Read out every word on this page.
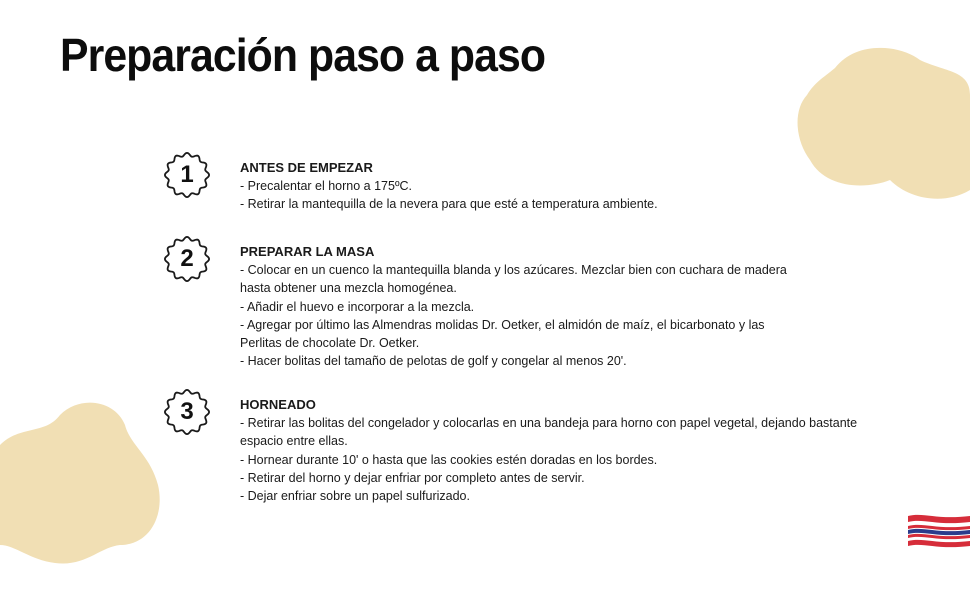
Preparación paso a paso
1	ANTES DE EMPEZAR
- Precalentar el horno a 175ºC.
- Retirar la mantequilla de la nevera para que esté a temperatura ambiente.
2	PREPARAR LA MASA
- Colocar en un cuenco la mantequilla blanda y los azúcares. Mezclar bien con cuchara de madera
hasta obtener una mezcla homogénea.
- Añadir el huevo e incorporar a la mezcla.
- Agregar por último las Almendras molidas Dr. Oetker, el almidón de maíz, el bicarbonato y las
Perlitas de chocolate Dr. Oetker.
- Hacer bolitas del tamaño de pelotas de golf y congelar al menos 20'.
3	HORNEADO
- Retirar las bolitas del congelador y colocarlas en una bandeja para horno con papel vegetal, dejando bastante
espacio entre ellas.
- Hornear durante 10' o hasta que las cookies estén doradas en los bordes.
- Retirar del horno y dejar enfriar por completo antes de servir.
- Dejar enfriar sobre un papel sulfurizado.
